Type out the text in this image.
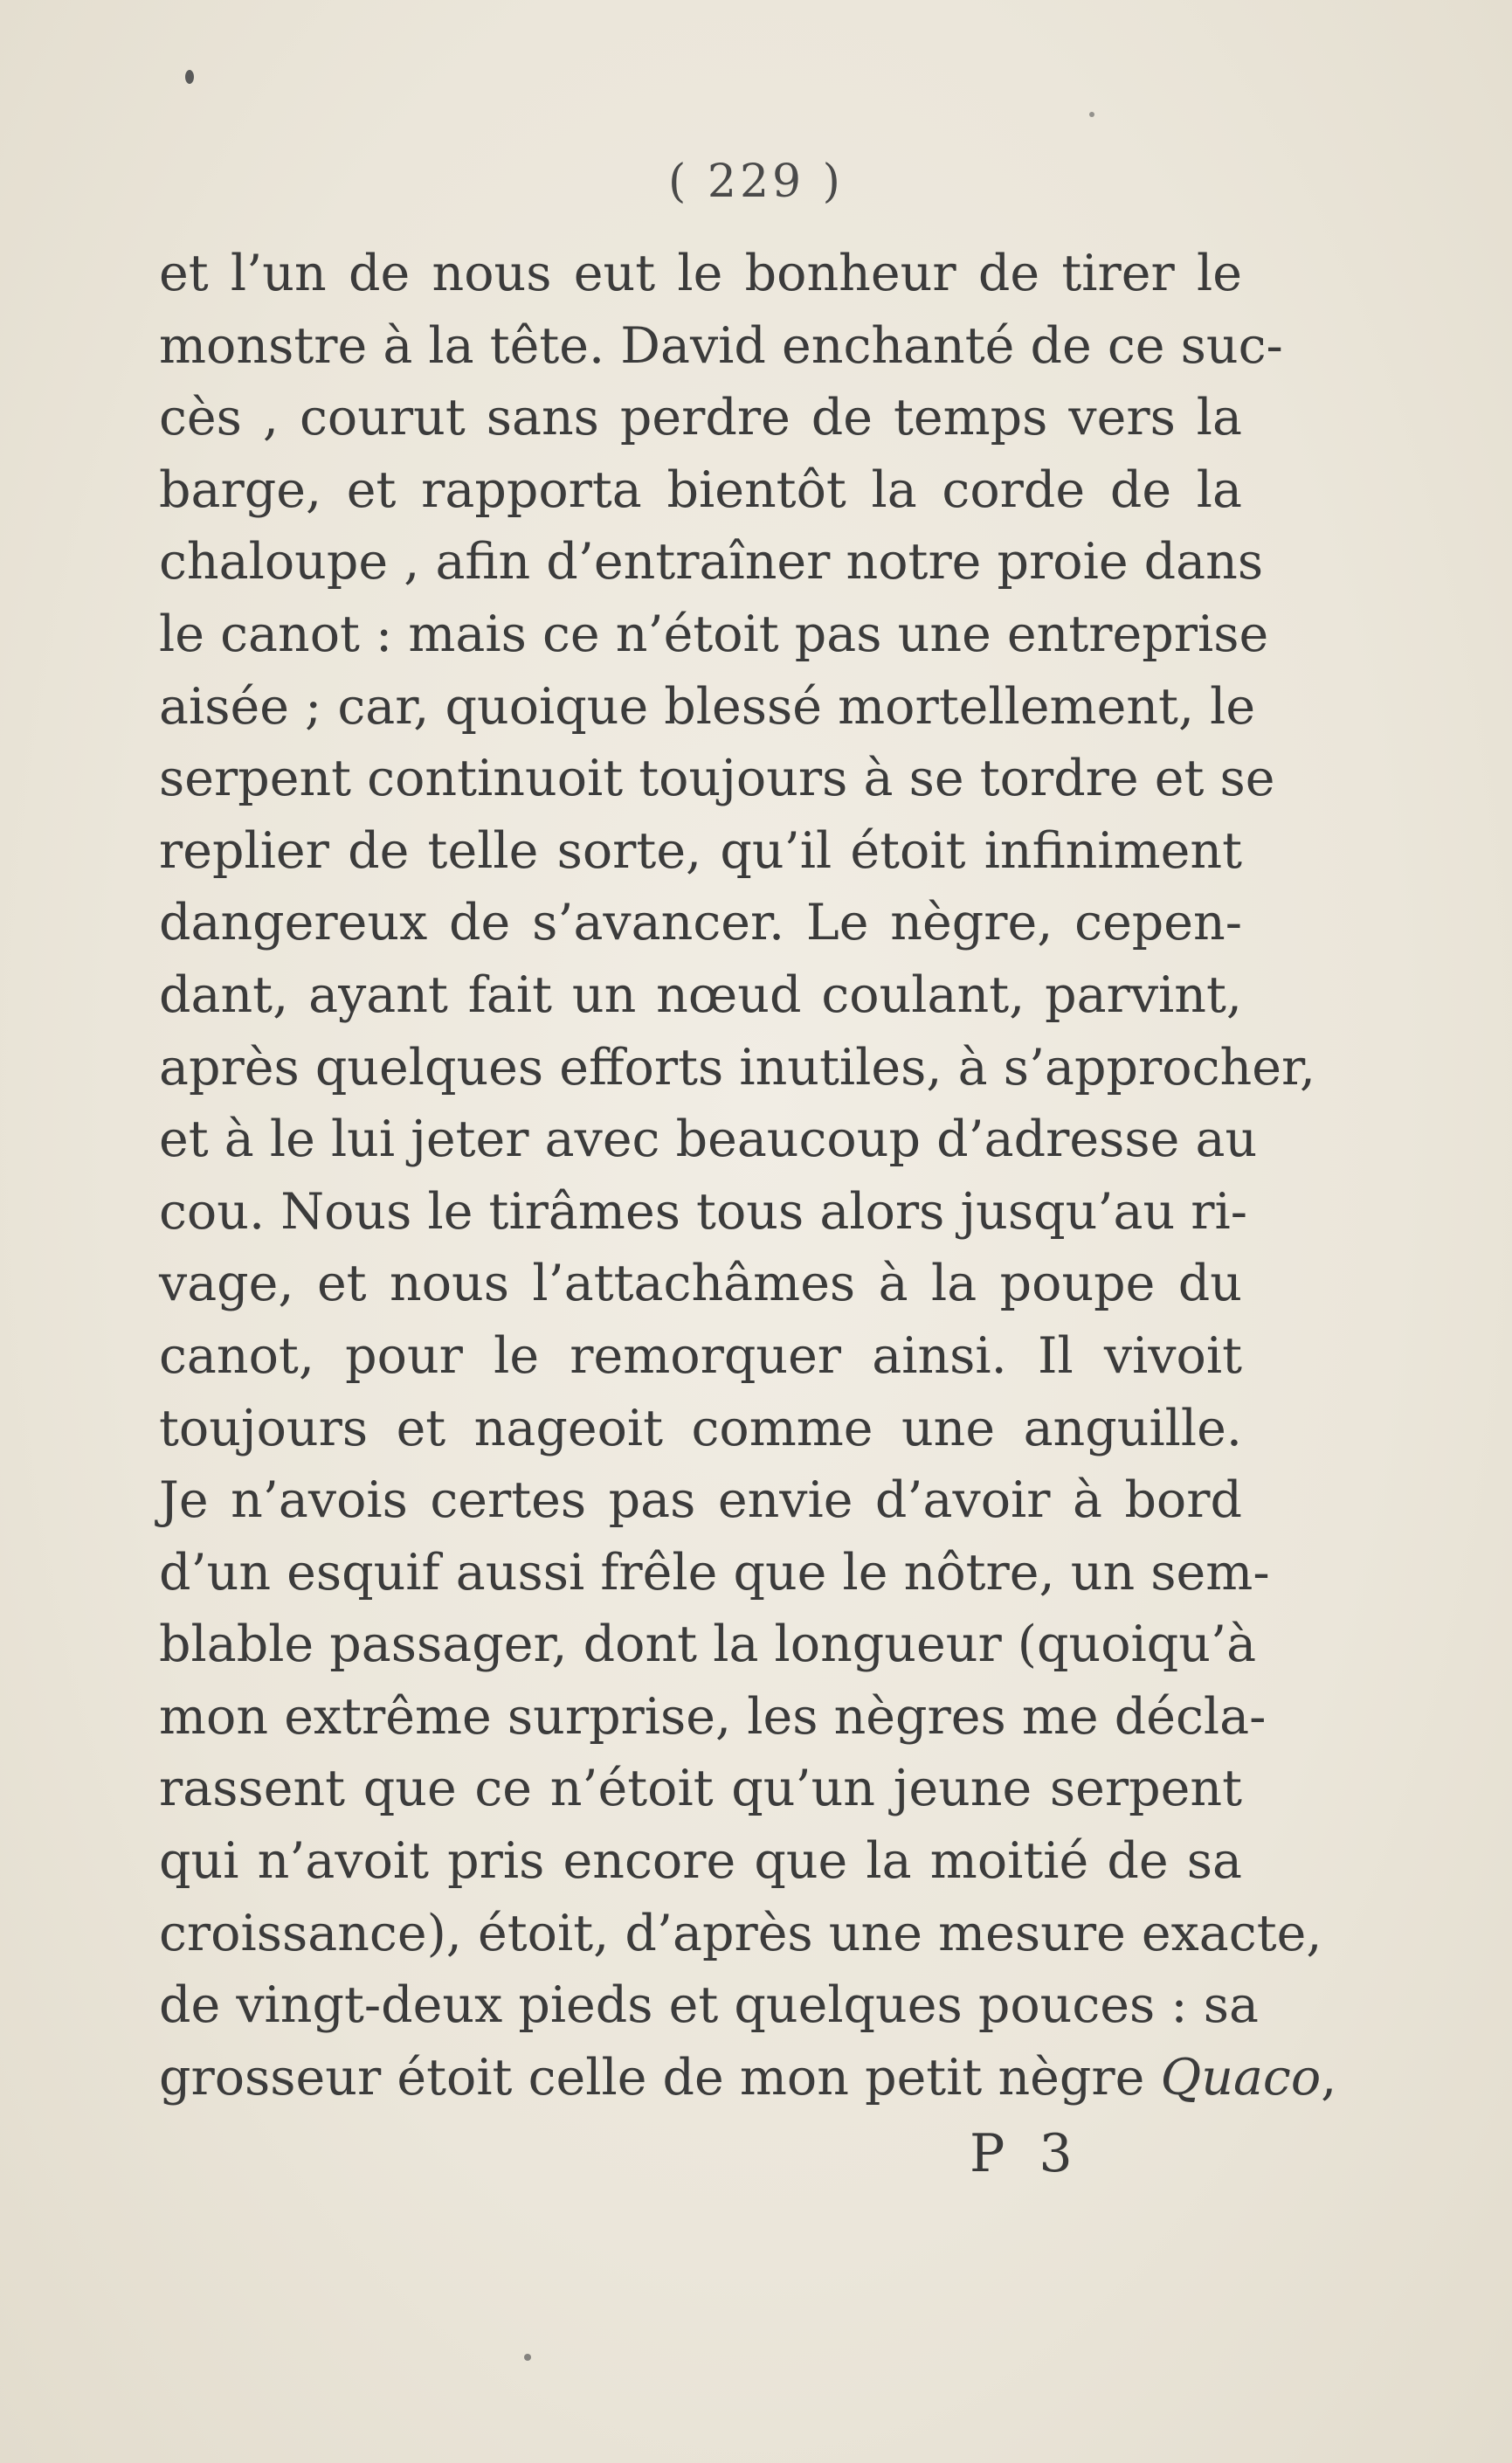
( 229 )
et l’un de nous eut le bonheur de tirer le
monstre à la tête. David enchanté de ce suc-
cès , courut sans perdre de temps vers la
barge, et rapporta bientôt la corde de la
chaloupe , afin d’entraîner notre proie dans
le canot : mais ce n’étoit pas une entreprise
aisée ; car, quoique blessé mortellement, le
serpent continuoit toujours à se tordre et se
replier de telle sorte, qu’il étoit infiniment
dangereux de s’avancer. Le nègre, cepen-
dant, ayant fait un nœud coulant, parvint,
après quelques efforts inutiles, à s’approcher,
et à le lui jeter avec beaucoup d’adresse au
cou. Nous le tirâmes tous alors jusqu’au ri-
vage, et nous l’attachâmes à la poupe du
canot, pour le remorquer ainsi. Il vivoit
toujours et nageoit comme une anguille.
Je n’avois certes pas envie d’avoir à bord
d’un esquif aussi frêle que le nôtre, un sem-
blable passager, dont la longueur (quoiqu’à
mon extrême surprise, les nègres me décla-
rassent que ce n’étoit qu’un jeune serpent
qui n’avoit pris encore que la moitié de sa
croissance), étoit, d’après une mesure exacte,
de vingt-deux pieds et quelques pouces : sa
grosseur étoit celle de mon petit nègre Quaco,
P 3
